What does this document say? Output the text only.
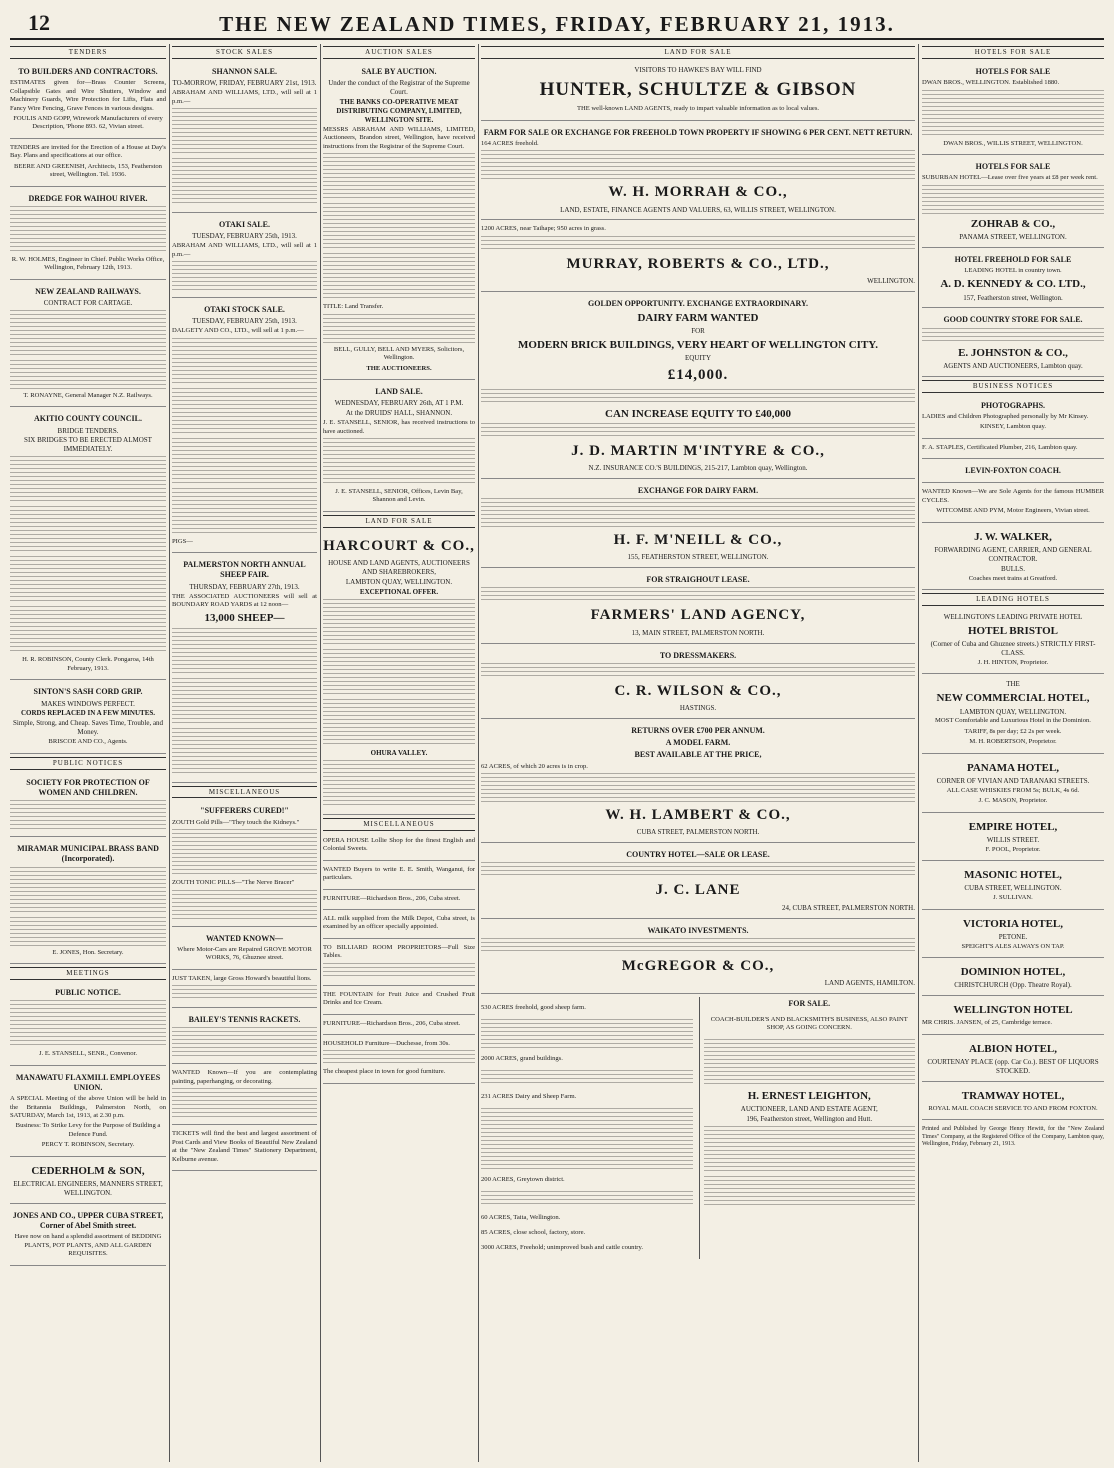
12	THE NEW ZEALAND TIMES, FRIDAY, FEBRUARY 21, 1913.
TENDERS
TO BUILDERS AND CONTRACTORS.

ESTIMATES given for—Brass Counter Screens, Collapsible Gates and Wire Shutters, Window and Machinery Guards, Wire Protection for Lifts, Flats and Fancy Wire Fencing, Grave Fences in various designs.

FOULIS AND GOPP, Wirework Manufacturers of every Description, 'Phone 893. 62, Vivian street.

TENDERS are invited for the Erection of a House at Day's Bay. Plans and specifications at our office.

BEERE AND GREENISH, Architects, 153, Featherston street, Wellington. Tel. 1936.

DREDGE FOR WAIHOU RIVER.

R. W. HOLMES, Engineer in Chief. Public Works Office, Wellington, February 12th, 1913.

NEW ZEALAND RAILWAYS.
CONTRACT FOR CARTAGE.

T. RONAYNE, General Manager N.Z. Railways.

AKITIO COUNTY COUNCIL.
BRIDGE TENDERS.
SIX BRIDGES TO BE ERECTED ALMOST IMMEDIATELY.

H. R. ROBINSON, County Clerk. Pongaroa, 14th February, 1913.

SINTON'S SASH CORD GRIP.
MAKES WINDOWS PERFECT.
CORDS REPLACED IN A FEW MINUTES.
Simple, Strong, and Cheap. Saves Time, Trouble, and Money.

BRISCOE AND CO., Agents.

PUBLIC NOTICES
SOCIETY FOR PROTECTION OF WOMEN AND CHILDREN.
MIRAMAR MUNICIPAL BRASS BAND (Incorporated).

E. JONES, Hon. Secretary.

MEETINGS
PUBLIC NOTICE.

J. E. STANSELL, SENR., Convenor.

MANAWATU FLAXMILL EMPLOYEES UNION.

A SPECIAL Meeting of the above Union will be held in the Britannia Buildings, Palmerston North, on SATURDAY, March 1st, 1913, at 2.30 p.m.

Business: To Strike Levy for the Purpose of Building a Defence Fund.

PERCY T. ROBINSON, Secretary.

CEDERHOLM & SON,
ELECTRICAL ENGINEERS, MANNERS STREET, WELLINGTON.
JONES AND CO., UPPER CUBA STREET, Corner of Abel Smith street.

Have now on hand a splendid assortment of BEDDING PLANTS, POT PLANTS, AND ALL GARDEN REQUISITES.

STOCK SALES
SHANNON SALE.
TO-MORROW, FRIDAY, FEBRUARY 21st, 1913.

ABRAHAM AND WILLIAMS, LTD., will sell at 1 p.m.—

OTAKI SALE.
TUESDAY, FEBRUARY 25th, 1913.

ABRAHAM AND WILLIAMS, LTD., will sell at 1 p.m.—

OTAKI STOCK SALE.
TUESDAY, FEBRUARY 25th, 1913.

DALGETY AND CO., LTD., will sell at 1 p.m.—

PIGS—

PALMERSTON NORTH ANNUAL SHEEP FAIR.
THURSDAY, FEBRUARY 27th, 1913.

THE ASSOCIATED AUCTIONEERS will sell at BOUNDARY ROAD YARDS at 12 noon—

13,000 SHEEP—
MISCELLANEOUS
"SUFFERERS CURED!"

ZOUTH Gold Pills—"They touch the Kidneys."

ZOUTH TONIC PILLS—"The Nerve Bracer"

WANTED KNOWN—

Where Motor-Cars are Repaired GROVE MOTOR WORKS, 76, Ghuznee street.

JUST TAKEN, large Gross Howard's beautiful lions.

BAILEY'S TENNIS RACKETS.

WANTED Known—If you are contemplating painting, paperhanging, or decorating.

TICKETS will find the best and largest assortment of Post Cards and View Books of Beautiful New Zealand at the "New Zealand Times" Stationery Department, Kelburne avenue.

AUCTION SALES
SALE BY AUCTION.
Under the conduct of the Registrar of the Supreme Court.
THE BANKS CO-OPERATIVE MEAT DISTRIBUTING COMPANY, LIMITED, WELLINGTON SITE.

MESSRS ABRAHAM AND WILLIAMS, LIMITED, Auctioneers, Brandon street, Wellington, have received instructions from the Registrar of the Supreme Court.

TITLE: Land Transfer.

BELL, GULLY, BELL AND MYERS, Solicitors, Wellington.

THE AUCTIONEERS.

LAND SALE.
WEDNESDAY, FEBRUARY 26th, AT 1 P.M.
At the DRUIDS' HALL, SHANNON.

J. E. STANSELL, SENIOR, has received instructions to have auctioned.

J. E. STANSELL, SENIOR, Offices, Levin Bay, Shannon and Levin.

LAND FOR SALE
HARCOURT & CO.,
HOUSE AND LAND AGENTS, AUCTIONEERS AND SHAREBROKERS,
LAMBTON QUAY, WELLINGTON.
EXCEPTIONAL OFFER.
OHURA VALLEY.
MISCELLANEOUS

OPERA HOUSE Lollie Shop for the finest English and Colonial Sweets.

WANTED Buyers to write E. E. Smith, Wanganui, for particulars.

FURNITURE—Richardson Bros., 206, Cuba street.

ALL milk supplied from the Milk Depot, Cuba street, is examined by an officer specially appointed.

TO BILLIARD ROOM PROPRIETORS—Full Size Tables.

THE FOUNTAIN for Fruit Juice and Crushed Fruit Drinks and Ice Cream.

FURNITURE—Richardson Bros., 206, Cuba street.

HOUSEHOLD Furniture—Duchesse, from 30s.

The cheapest place in town for good furniture.

LAND FOR SALE
VISITORS TO HAWKE'S BAY WILL FIND
HUNTER, SCHULTZE & GIBSON

THE well-known LAND AGENTS, ready to impart valuable information as to local values.

FARM FOR SALE OR EXCHANGE FOR FREEHOLD TOWN PROPERTY IF SHOWING 6 PER CENT. NETT RETURN.

164 ACRES freehold.

W. H. MORRAH & CO.,
LAND, ESTATE, FINANCE AGENTS AND VALUERS, 63, WILLIS STREET, WELLINGTON.

1200 ACRES, near Taihape; 950 acres in grass.

MURRAY, ROBERTS & CO., LTD.,
WELLINGTON.
GOLDEN OPPORTUNITY. EXCHANGE EXTRAORDINARY.
DAIRY FARM WANTED
FOR
MODERN BRICK BUILDINGS, VERY HEART OF WELLINGTON CITY.
EQUITY
£14,000.
CAN INCREASE EQUITY TO £40,000
J. D. MARTIN M'INTYRE & CO.,
N.Z. INSURANCE CO.'S BUILDINGS, 215-217, Lambton quay, Wellington.
EXCHANGE FOR DAIRY FARM.
H. F. M'NEILL & CO.,
155, FEATHERSTON STREET, WELLINGTON.
FOR STRAIGHOUT LEASE.
FARMERS' LAND AGENCY,
13, MAIN STREET, PALMERSTON NORTH.
TO DRESSMAKERS.
C. R. WILSON & CO.,
HASTINGS.
RETURNS OVER £700 PER ANNUM.
A MODEL FARM.
BEST AVAILABLE AT THE PRICE,

62 ACRES, of which 20 acres is in crop.

W. H. LAMBERT & CO.,
CUBA STREET, PALMERSTON NORTH.
COUNTRY HOTEL—SALE OR LEASE.
J. C. LANE
24, CUBA STREET, PALMERSTON NORTH.
WAIKATO INVESTMENTS.
McGREGOR & CO.,
LAND AGENTS, HAMILTON.

530 ACRES freehold, good sheep farm.

2000 ACRES, grand buildings.

231 ACRES Dairy and Sheep Farm.

200 ACRES, Greytown district.

60 ACRES, Taita, Wellington.

85 ACRES, close school, factory, store.

3000 ACRES, Freehold; unimproved bush and cattle country.

FOR SALE.

COACH-BUILDER'S AND BLACKSMITH'S BUSINESS, ALSO PAINT SHOP, AS GOING CONCERN.

H. ERNEST LEIGHTON,
AUCTIONEER, LAND AND ESTATE AGENT,
196, Featherston street, Wellington and Hutt.
HOTELS FOR SALE
HOTELS FOR SALE

DWAN BROS., WELLINGTON. Established 1880.

DWAN BROS., WILLIS STREET, WELLINGTON.

HOTELS FOR SALE

SUBURBAN HOTEL—Lease over five years at £8 per week rent.

ZOHRAB & CO.,
PANAMA STREET, WELLINGTON.
HOTEL FREEHOLD FOR SALE

LEADING HOTEL in country town.

A. D. KENNEDY & CO. LTD.,
157, Featherston street, Wellington.
GOOD COUNTRY STORE FOR SALE.
E. JOHNSTON & CO.,
AGENTS AND AUCTIONEERS, Lambton quay.
BUSINESS NOTICES
PHOTOGRAPHS.

LADIES and Children Photographed personally by Mr Kinsey.

KINSEY, Lambton quay.

F. A. STAPLES, Certificated Plumber, 216, Lambton quay.

LEVIN-FOXTON COACH.

WANTED Known—We are Sole Agents for the famous HUMBER CYCLES.

WITCOMBE AND PYM, Motor Engineers, Vivian street.

J. W. WALKER,
FORWARDING AGENT, CARRIER, AND GENERAL CONTRACTOR.
BULLS.

Coaches meet trains at Greatford.

LEADING HOTELS
WELLINGTON'S LEADING PRIVATE HOTEL
HOTEL BRISTOL
(Corner of Cuba and Ghuznee streets.) STRICTLY FIRST-CLASS.

J. H. HINTON, Proprietor.

THE
NEW COMMERCIAL HOTEL,
LAMBTON QUAY, WELLINGTON.

MOST Comfortable and Luxurious Hotel in the Dominion.

TARIFF, 8s per day; £2 2s per week.

M. H. ROBERTSON, Proprietor.

PANAMA HOTEL,
CORNER OF VIVIAN AND TARANAKI STREETS.

ALL CASE WHISKIES FROM 5s; BULK, 4s 6d.

J. C. MASON, Proprietor.

EMPIRE HOTEL,
WILLIS STREET.

F. POOL, Proprietor.

MASONIC HOTEL,
CUBA STREET, WELLINGTON.

J. SULLIVAN.

VICTORIA HOTEL,
PETONE.

SPEIGHT'S ALES ALWAYS ON TAP.

DOMINION HOTEL,
CHRISTCHURCH (Opp. Theatre Royal).
WELLINGTON HOTEL

MR CHRIS. JANSEN, of 25, Cambridge terrace.

ALBION HOTEL,
COURTENAY PLACE (opp. Car Co.). BEST OF LIQUORS STOCKED.
TRAMWAY HOTEL,

ROYAL MAIL COACH SERVICE TO AND FROM FOXTON.

Printed and Published by George Henry Hewitt, for the "New Zealand Times" Company, at the Registered Office of the Company, Lambton quay, Wellington, Friday, February 21, 1913.
